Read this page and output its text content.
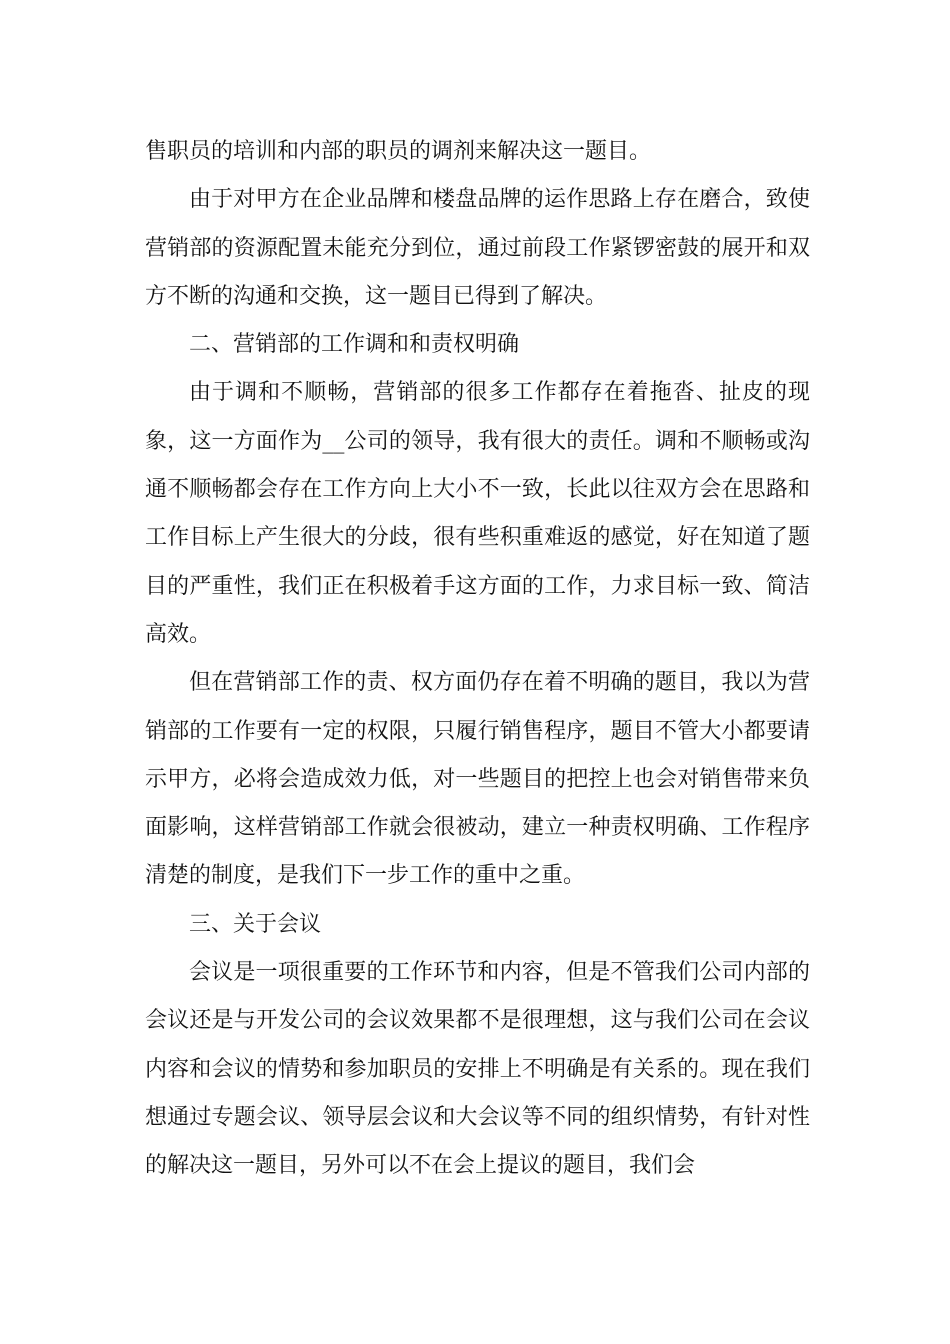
售职员的培训和内部的职员的调剂来解决这一题目。

由于对甲方在企业品牌和楼盘品牌的运作思路上存在磨合，致使营销部的资源配置未能充分到位，通过前段工作紧锣密鼓的展开和双方不断的沟通和交换，这一题目已得到了解决。

二、营销部的工作调和和责权明确

由于调和不顺畅，营销部的很多工作都存在着拖沓、扯皮的现象，这一方面作为__公司的领导，我有很大的责任。调和不顺畅或沟通不顺畅都会存在工作方向上大小不一致，长此以往双方会在思路和工作目标上产生很大的分歧，很有些积重难返的感觉，好在知道了题目的严重性，我们正在积极着手这方面的工作，力求目标一致、简洁高效。

但在营销部工作的责、权方面仍存在着不明确的题目，我以为营销部的工作要有一定的权限，只履行销售程序，题目不管大小都要请示甲方，必将会造成效力低，对一些题目的把控上也会对销售带来负面影响，这样营销部工作就会很被动，建立一种责权明确、工作程序清楚的制度，是我们下一步工作的重中之重。

三、关于会议

会议是一项很重要的工作环节和内容，但是不管我们公司内部的会议还是与开发公司的会议效果都不是很理想，这与我们公司在会议内容和会议的情势和参加职员的安排上不明确是有关系的。现在我们想通过专题会议、领导层会议和大会议等不同的组织情势，有针对性的解决这一题目，另外可以不在会上提议的题目，我们会
